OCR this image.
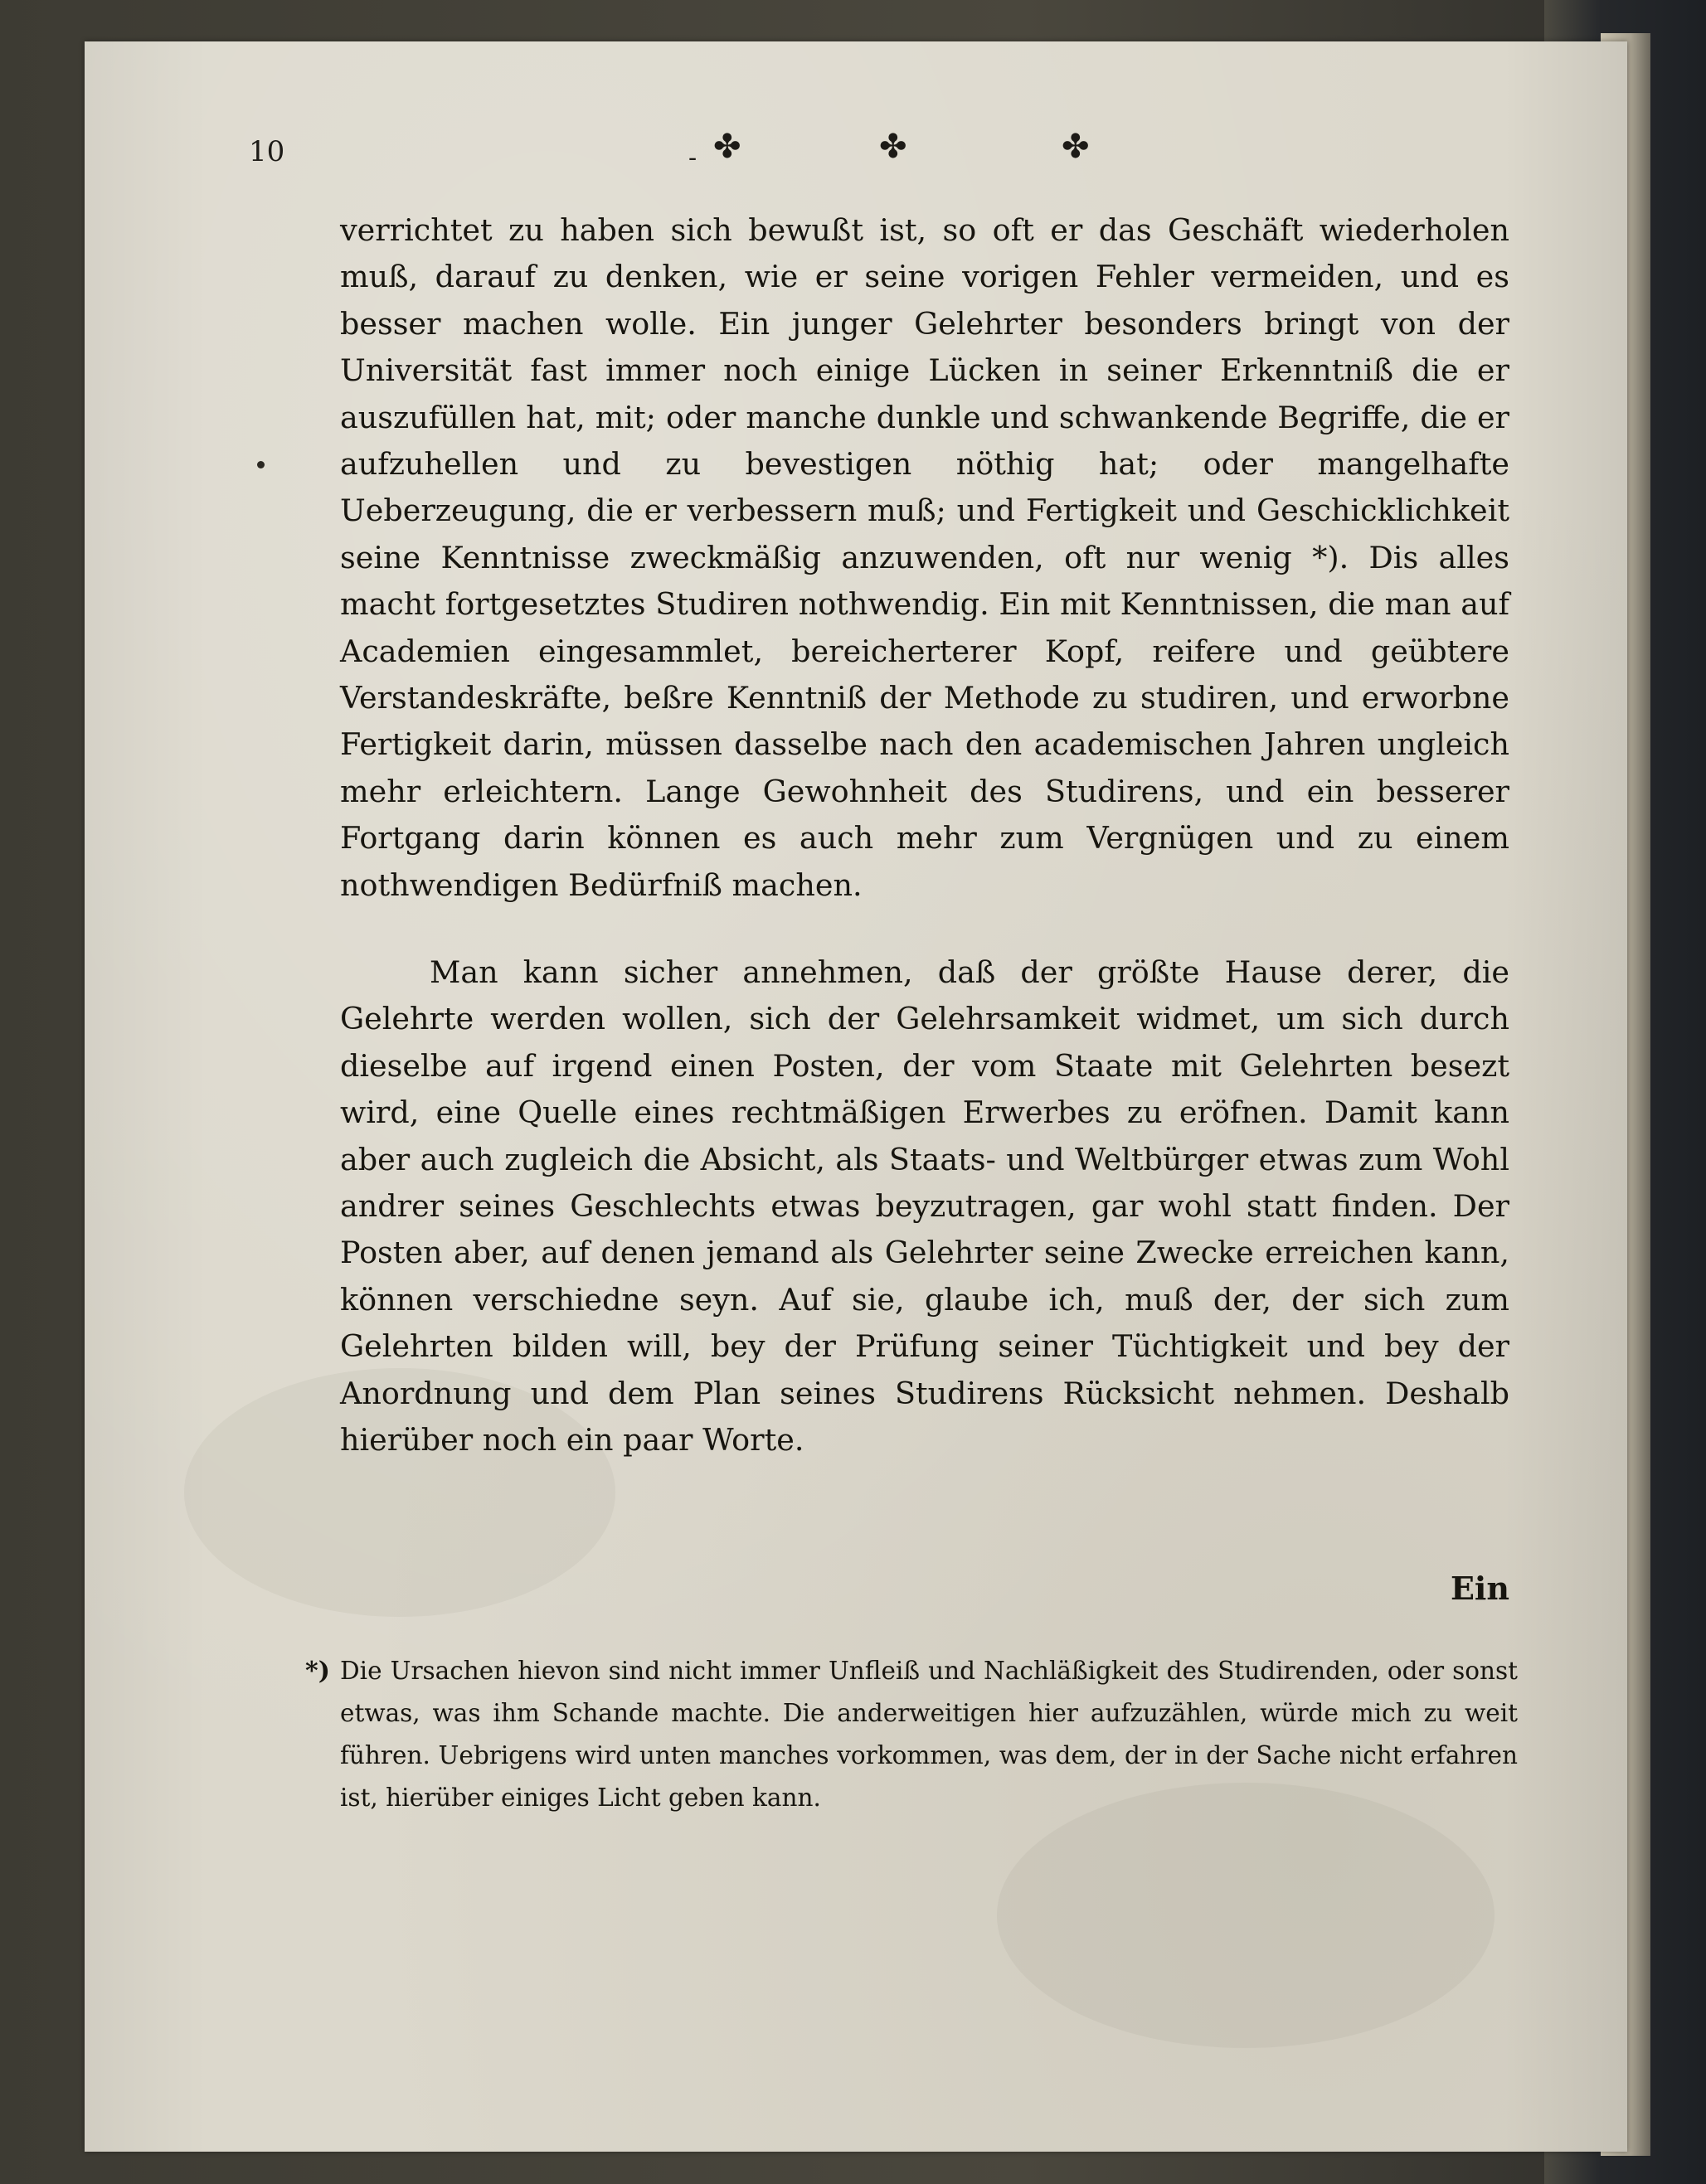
10	- ✤	✤	✤
verrichtet zu haben sich bewußt ist, so oft er das Geschäft wiederholen muß, darauf zu denken, wie er seine vorigen Fehler vermeiden, und es besser machen wolle. Ein junger Gelehrter besonders bringt von der Universität fast immer noch einige Lücken in seiner Erkenntniß die er auszufüllen hat, mit; oder manche dunkle und schwankende Begriffe, die er aufzuhellen und zu bevestigen nöthig hat; oder mangelhafte Ueberzeugung, die er verbessern muß; und Fertigkeit und Geschicklichkeit seine Kenntnisse zweckmäßig anzuwenden, oft nur wenig *). Dis alles macht fortgesetztes Studiren nothwendig. Ein mit Kenntnissen, die man auf Academien eingesammlet, bereicherterer Kopf, reifere und geübtere Verstandeskräfte, beßre Kenntniß der Methode zu studiren, und erworbne Fertigkeit darin, müssen dasselbe nach den academischen Jahren ungleich mehr erleichtern. Lange Gewohnheit des Studirens, und ein besserer Fortgang darin können es auch mehr zum Vergnügen und zu einem nothwendigen Bedürfniß machen.
Man kann sicher annehmen, daß der größte Hause derer, die Gelehrte werden wollen, sich der Gelehrsamkeit widmet, um sich durch dieselbe auf irgend einen Posten, der vom Staate mit Gelehrten besezt wird, eine Quelle eines rechtmäßigen Erwerbes zu eröfnen. Damit kann aber auch zugleich die Absicht, als Staats- und Weltbürger etwas zum Wohl andrer seines Geschlechts etwas beyzutragen, gar wohl statt finden. Der Posten aber, auf denen jemand als Gelehrter seine Zwecke erreichen kann, können verschiedne seyn. Auf sie, glaube ich, muß der, der sich zum Gelehrten bilden will, bey der Prüfung seiner Tüchtigkeit und bey der Anordnung und dem Plan seines Studirens Rücksicht nehmen. Deshalb hierüber noch ein paar Worte.
Ein
*) Die Ursachen hievon sind nicht immer Unfleiß und Nachläßigkeit des Studirenden, oder sonst etwas, was ihm Schande machte. Die anderweitigen hier aufzuzählen, würde mich zu weit führen. Uebrigens wird unten manches vorkommen, was dem, der in der Sache nicht erfahren ist, hierüber einiges Licht geben kann.
